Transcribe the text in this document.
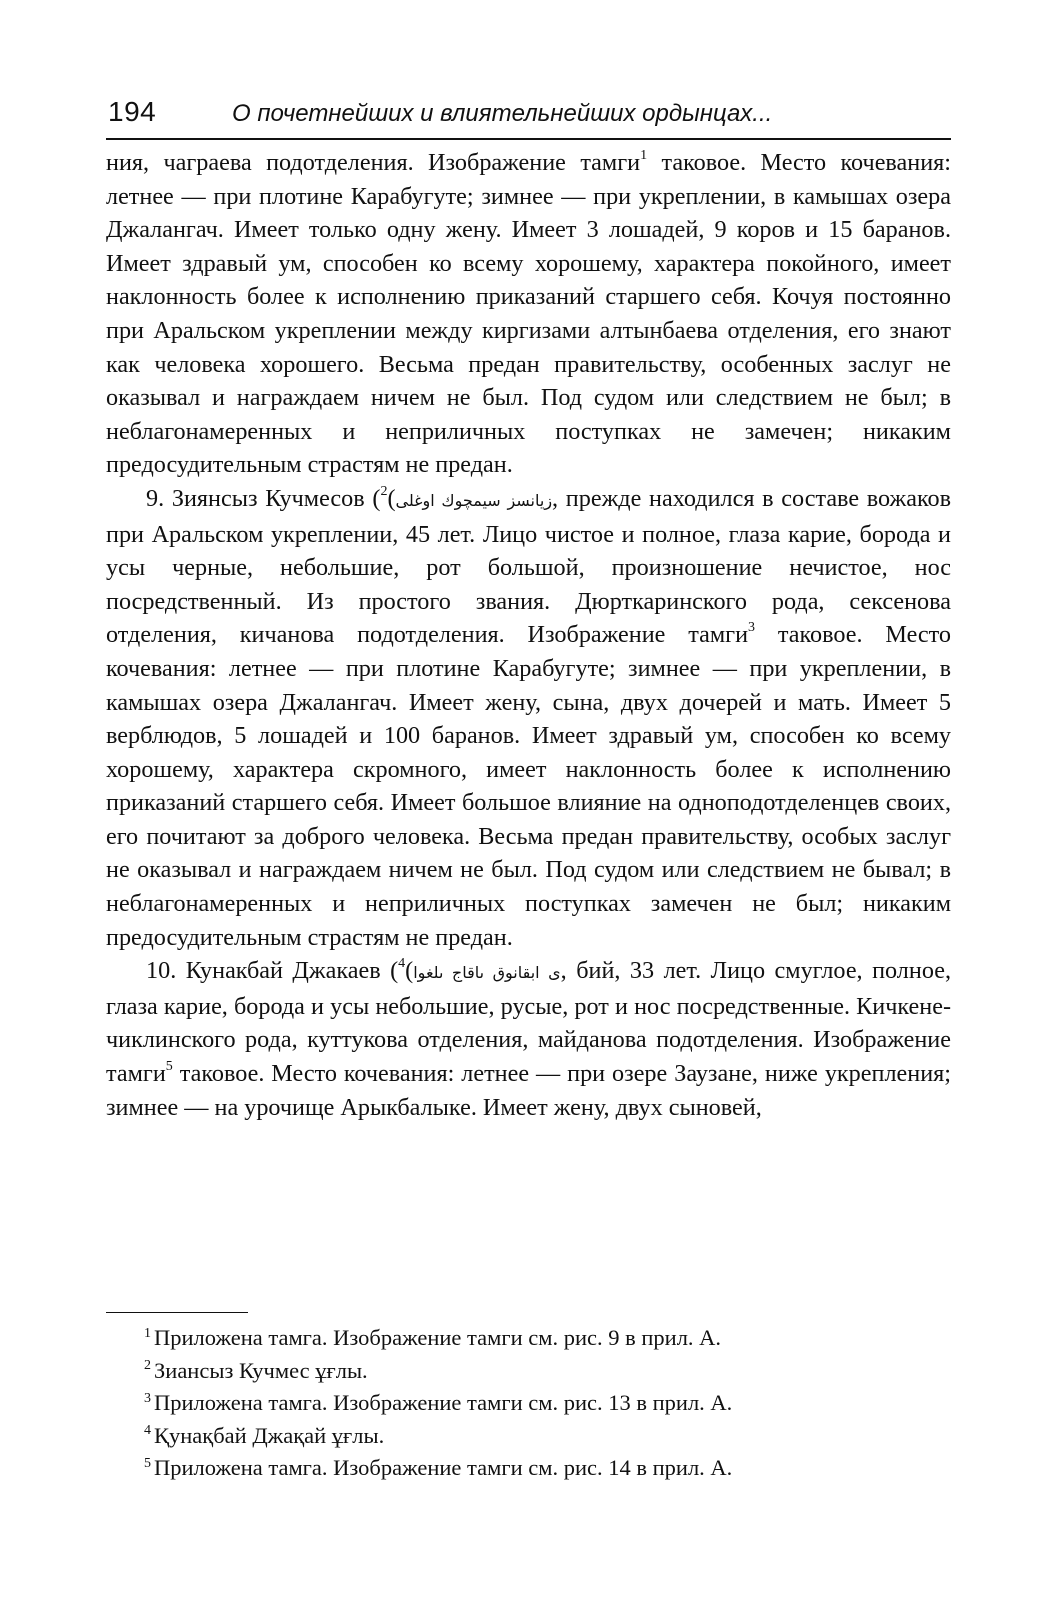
194	О почетнейших и влиятельнейших ордынцах...

ния, чаграева подотделения. Изображение тамги$^1$ таковое. Место кочевания: летнее — при плотине Карабугуте; зимнее — при укреплении, в камышах озера Джалангач. Имеет только одну жену. Имеет 3 лошадей, 9 коров и 15 баранов. Имеет здравый ум, способен ко всему хорошему, характера покойного, имеет наклонность более к исполнению приказаний старшего себя. Кочуя постоянно при Аральском укреплении между киргизами алтынбаева отделения, его знают как человека хорошего. Весьма предан правительству, особенных заслуг не оказывал и награждаем ничем не был. Под судом или следствием не был; в неблагонамеренных и неприличных поступках не замечен; никаким предосудительным страстям не предан.

9. Зиянсыз Кучмесов ( زيانسز سيمچوك اوغلى)$^2$	, прежде находился в составе вожаков при Аральском укреплении, 45 лет. Лицо чистое и полное, глаза карие, борода и усы черные, небольшие, рот большой, произношение нечистое, нос посредственный. Из простого звания. Дюрткаринского рода, сексенова отделения, кичанова подотделения. Изображение тамги$^3$ таковое. Место кочевания: летнее — при плотине Карабугуте; зимнее — при укреплении, в камышах озера Джалангач. Имеет жену, сына, двух дочерей и мать. Имеет 5 верблюдов, 5 лошадей и 100 баранов. Имеет здравый ум, способен ко всему хорошему, характера скромного, имеет наклонность более к исполнению приказаний старшего себя. Имеет большое влияние на одноподотделенцев своих, его почитают за доброго человека. Весьма предан правительству, особых заслуг не оказывал и награждаем ничем не был. Под судом или следствием не бывал; в неблагонамеренных и неприличных поступках замечен не был; никаким предосудительным страстям не предан.

10. Кунакбай Джакаев ( ى ابقانوق ىاقاج ىلغوا)$^4$	, бий, 33 лет. Лицо смуглое, полное, глаза карие, борода и усы небольшие, русые, рот и нос посредственные. Кичкене-чиклинского рода, куттукова отделения, майданова подотделения. Изображение тамги$^5$ таковое. Место кочевания: летнее — при озере Заузане, ниже укрепления; зимнее — на урочище Арыкбалыке. Имеет жену, двух сыновей,

$^1$ Приложена тамга. Изображение тамги см. рис. 9 в прил. А.
$^2$ Зиансыз Кучмес ұғлы.
$^3$ Приложена тамга. Изображение тамги см. рис. 13 в прил. А.
$^4$ Қунақбай Джақай ұғлы.
$^5$ Приложена тамга. Изображение тамги см. рис. 14 в прил. А.
